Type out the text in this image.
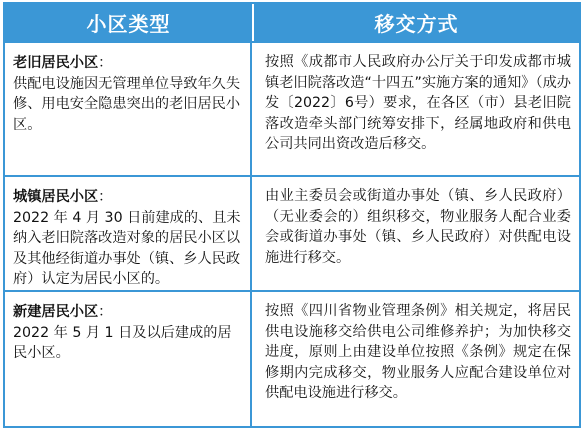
小区类型	移交方式
老旧居民小区：
供配电设施因无管理单位导致年久失修、用电安全隐患突出的老旧居民小区。
按照《成都市人民政府办公厅关于印发成都市城镇老旧院落改造“十四五”实施方案的通知》（成办发〔2022〕6号）要求，在各区（市）县老旧院落改造牵头部门统筹安排下，经属地政府和供电公司共同出资改造后移交。
城镇居民小区：
2022 年 4 月 30 日前建成的、且未纳入老旧院落改造对象的居民小区以及其他经街道办事处（镇、乡人民政府）认定为居民小区的。
由业主委员会或街道办事处（镇、乡人民政府）（无业委会的）组织移交，物业服务人配合业委会或街道办事处（镇、乡人民政府）对供配电设施进行移交。
新建居民小区：
2022 年 5 月 1 日及以后建成的居民小区。
按照《四川省物业管理条例》相关规定，将居民供电设施移交给供电公司维修养护；为加快移交进度，原则上由建设单位按照《条例》规定在保修期内完成移交，物业服务人应配合建设单位对供配电设施进行移交。
